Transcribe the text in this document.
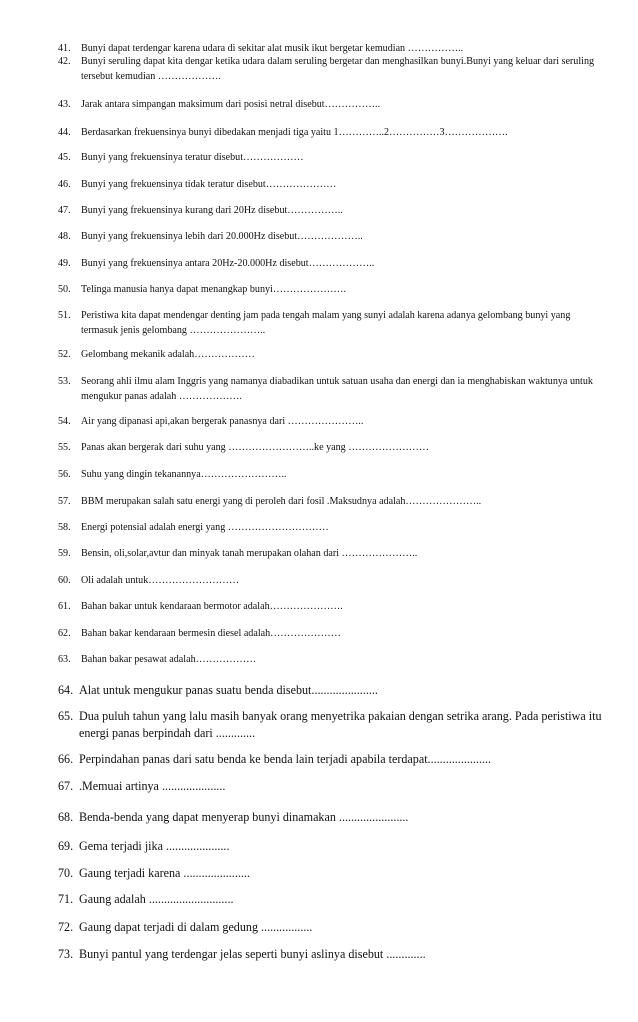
41.	Bunyi dapat terdengar karena udara di sekitar alat musik ikut bergetar kemudian ……………..
42.	Bunyi seruling dapat kita dengar ketika udara dalam seruling bergetar dan menghasilkan bunyi.Bunyi yang keluar dari seruling tersebut kemudian ……………….
43.	Jarak antara simpangan maksimum dari posisi netral disebut……………..
44.	Berdasarkan frekuensinya bunyi dibedakan menjadi tiga yaitu 1…………..2……………3……………….
45.	Bunyi yang frekuensinya teratur disebut………………
46.	Bunyi yang frekuensinya tidak teratur disebut…………………
47.	Bunyi yang frekuensinya kurang dari 20Hz disebut……………..
48.	Bunyi yang frekuensinya lebih dari 20.000Hz disebut………………..
49.	Bunyi yang frekuensinya antara 20Hz-20.000Hz disebut………………..
50.	Telinga manusia hanya dapat menangkap bunyi………………….
51.	Peristiwa kita dapat mendengar denting jam pada tengah malam yang sunyi adalah karena adanya gelombang bunyi yang termasuk jenis gelombang …………………..
52.	Gelombang mekanik adalah………………
53.	Seorang ahli ilmu alam Inggris yang namanya diabadikan untuk satuan usaha dan energi dan ia menghabiskan waktunya untuk mengukur panas adalah ……………….
54.	Air yang dipanasi api,akan bergerak panasnya dari …………………..
55.	Panas akan bergerak dari suhu yang ……………………..ke yang ……………………
56.	Suhu yang dingin tekanannya……………………..
57.	BBM merupakan salah satu energi yang di peroleh dari fosil .Maksudnya adalah…………………..
58.	Energi potensial adalah energi yang …………………………
59.	Bensin, oli,solar,avtur dan minyak tanah merupakan olahan dari …………………..
60.	Oli adalah untuk………………………
61.	Bahan bakar untuk kendaraan bermotor adalah………………….
62.	Bahan bakar kendaraan bermesin diesel adalah…………………
63.	Bahan bakar pesawat adalah………………
64. Alat untuk mengukur panas suatu benda disebut......................
65. Dua puluh tahun yang lalu masih banyak orang menyetrika pakaian dengan setrika arang. Pada peristiwa itu energi panas berpindah dari .............
66. Perpindahan panas dari satu benda ke benda lain terjadi apabila terdapat.....................
67. .Memuai artinya .....................
68. Benda-benda yang dapat menyerap bunyi dinamakan .......................
69. Gema terjadi jika .....................
70. Gaung terjadi karena ......................
71. Gaung adalah ............................
72. Gaung dapat terjadi di dalam gedung .................
73. Bunyi pantul yang terdengar jelas seperti bunyi aslinya disebut .............
